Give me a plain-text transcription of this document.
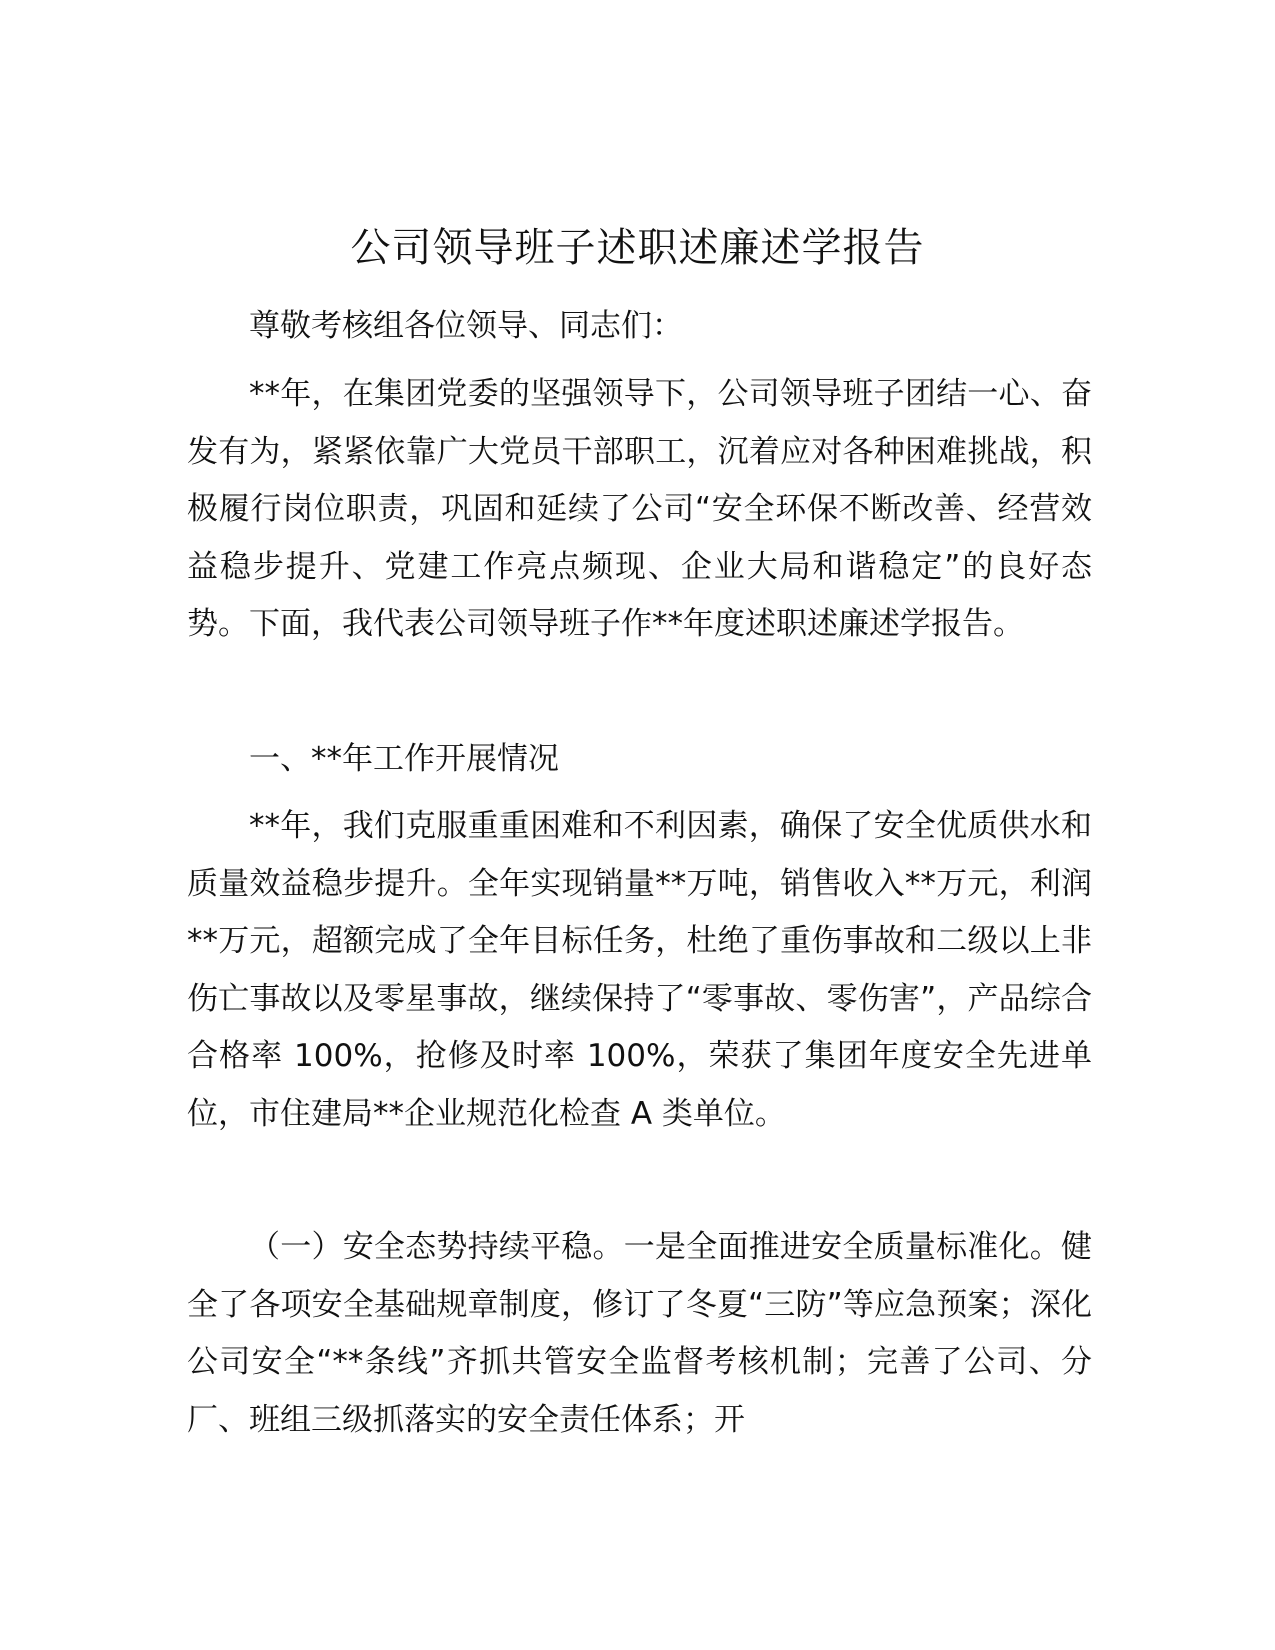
公司领导班子述职述廉述学报告

尊敬考核组各位领导、同志们：

**年，在集团党委的坚强领导下，公司领导班子团结一心、奋发有为，紧紧依靠广大党员干部职工，沉着应对各种困难挑战，积极履行岗位职责，巩固和延续了公司“安全环保不断改善、经营效益稳步提升、党建工作亮点频现、企业大局和谐稳定”的良好态势。下面，我代表公司领导班子作**年度述职述廉述学报告。

一、**年工作开展情况

**年，我们克服重重困难和不利因素，确保了安全优质供水和质量效益稳步提升。全年实现销量**万吨，销售收入**万元，利润**万元，超额完成了全年目标任务，杜绝了重伤事故和二级以上非伤亡事故以及零星事故，继续保持了“零事故、零伤害”，产品综合合格率 100%，抢修及时率 100%，荣获了集团年度安全先进单位，市住建局**企业规范化检查 A 类单位。

（一）安全态势持续平稳。一是全面推进安全质量标准化。健全了各项安全基础规章制度，修订了冬夏“三防”等应急预案；深化公司安全“**条线”齐抓共管安全监督考核机制；完善了公司、分厂、班组三级抓落实的安全责任体系；开
